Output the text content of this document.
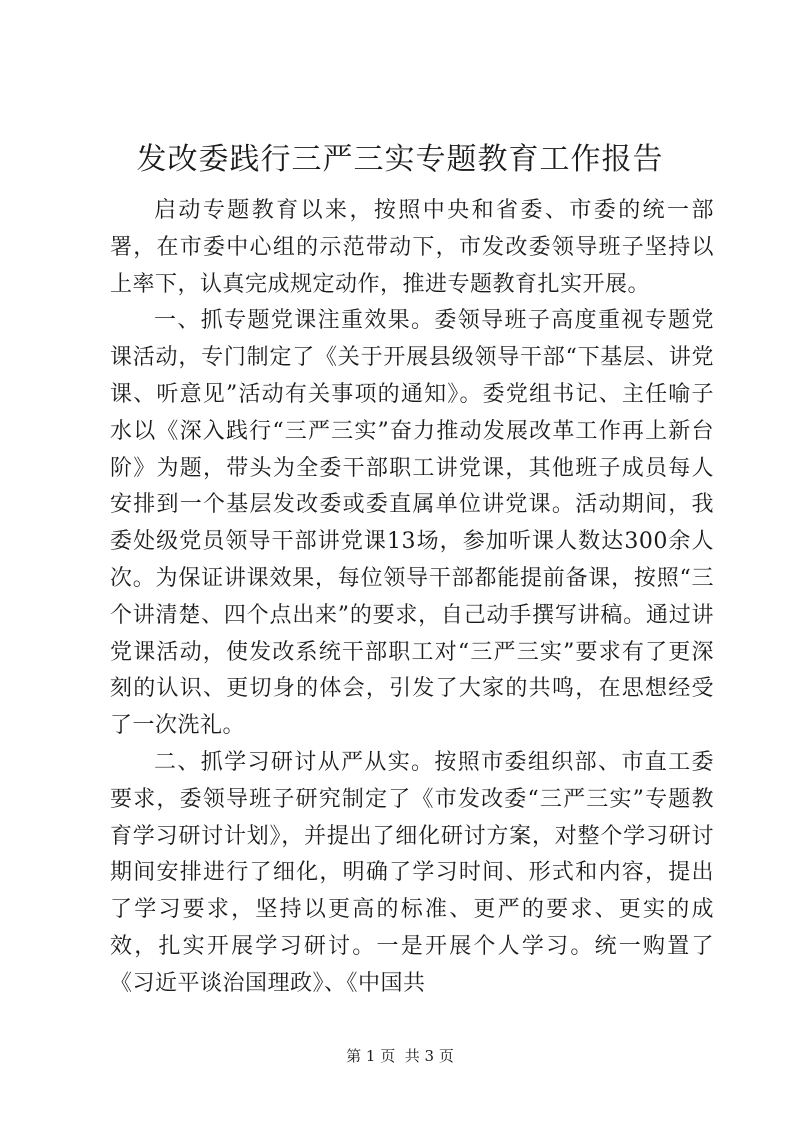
发改委践行三严三实专题教育工作报告

启动专题教育以来，按照中央和省委、市委的统一部署，在市委中心组的示范带动下，市发改委领导班子坚持以上率下，认真完成规定动作，推进专题教育扎实开展。

一、抓专题党课注重效果。委领导班子高度重视专题党课活动，专门制定了《关于开展县级领导干部“下基层、讲党课、听意见”活动有关事项的通知》。委党组书记、主任喻子水以《深入践行“三严三实”奋力推动发展改革工作再上新台阶》为题，带头为全委干部职工讲党课，其他班子成员每人安排到一个基层发改委或委直属单位讲党课。活动期间，我委处级党员领导干部讲党课13场，参加听课人数达300余人次。为保证讲课效果，每位领导干部都能提前备课，按照“三个讲清楚、四个点出来”的要求，自己动手撰写讲稿。通过讲党课活动，使发改系统干部职工对“三严三实”要求有了更深刻的认识、更切身的体会，引发了大家的共鸣，在思想经受了一次洗礼。

二、抓学习研讨从严从实。按照市委组织部、市直工委要求，委领导班子研究制定了《市发改委“三严三实”专题教育学习研讨计划》，并提出了细化研讨方案，对整个学习研讨期间安排进行了细化，明确了学习时间、形式和内容，提出了学习要求，坚持以更高的标准、更严的要求、更实的成效，扎实开展学习研讨。一是开展个人学习。统一购置了《习近平谈治国理政》、《中国共

第 1 页  共 3 页
